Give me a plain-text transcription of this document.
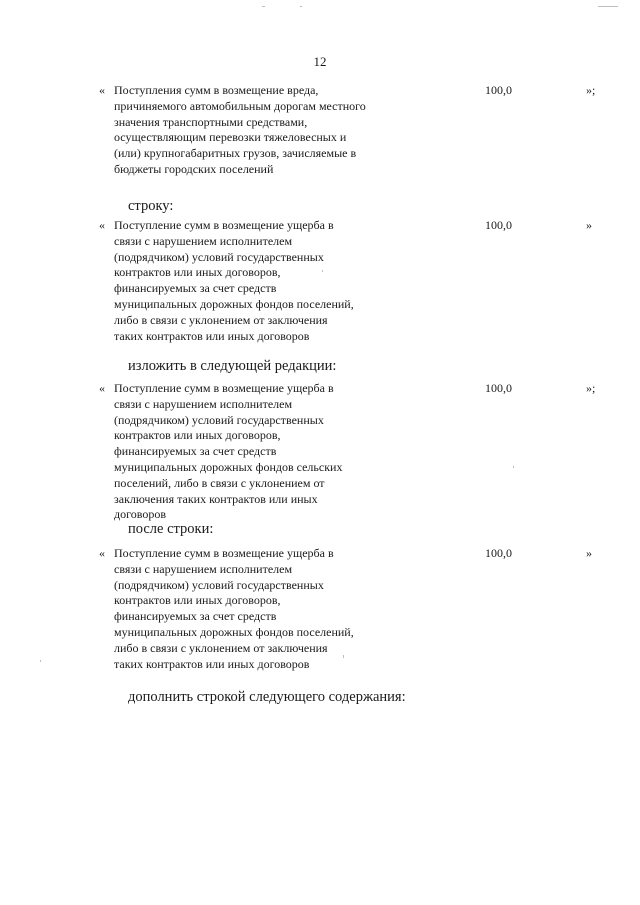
12
« Поступления сумм в возмещение вреда, причиняемого автомобильным дорогам местного значения транспортными средствами, осуществляющим перевозки тяжеловесных и (или) крупногабаритных грузов, зачисляемые в бюджеты городских поселений
100,0	»;
строку:
« Поступление сумм в возмещение ущерба в связи с нарушением исполнителем (подрядчиком) условий государственных контрактов или иных договоров, финансируемых за счет средств муниципальных дорожных фондов поселений, либо в связи с уклонением от заключения таких контрактов или иных договоров
100,0	»
изложить в следующей редакции:
« Поступление сумм в возмещение ущерба в связи с нарушением исполнителем (подрядчиком) условий государственных контрактов или иных договоров, финансируемых за счет средств муниципальных дорожных фондов сельских поселений, либо в связи с уклонением от заключения таких контрактов или иных договоров
100,0	»;
после строки:
« Поступление сумм в возмещение ущерба в связи с нарушением исполнителем (подрядчиком) условий государственных контрактов или иных договоров, финансируемых за счет средств муниципальных дорожных фондов поселений, либо в связи с уклонением от заключения таких контрактов или иных договоров
100,0	»
дополнить строкой следующего содержания:
